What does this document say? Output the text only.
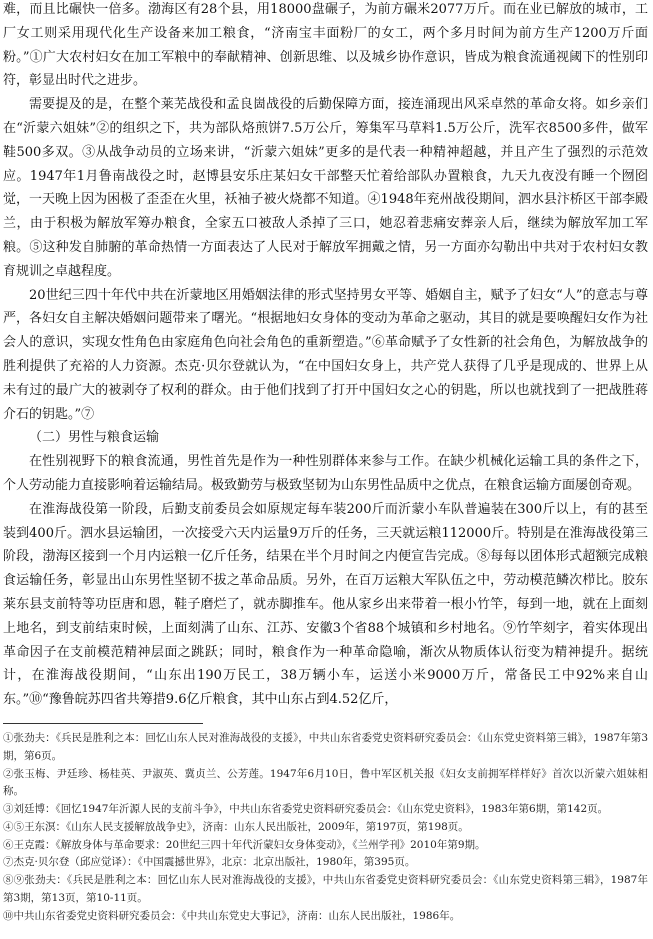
难，而且比碾快一倍多。渤海区有28个县，用18000盘碾子，为前方碾米2077万斤。而在业已解放的城市，工厂女工则采用现代化生产设备来加工粮食，“济南宝丰面粉厂的女工，两个多月时间为前方生产1200万斤面粉。”①广大农村妇女在加工军粮中的奉献精神、创新思维、以及城乡协作意识，皆成为粮食流通视阈下的性别印符，彰显出时代之进步。

需要提及的是，在整个莱芜战役和孟良崮战役的后勤保障方面，接连涌现出风采卓然的革命女将。如乡亲们在“沂蒙六姐妹”②的组织之下，共为部队烙煎饼7.5万公斤，筹集军马草料1.5万公斤，洗军衣8500多件，做军鞋500多双。③从战争动员的立场来讲，“沂蒙六姐妹”更多的是代表一种精神超越，并且产生了强烈的示范效应。1947年1月鲁南战役之时，赵博县安乐庄某妇女干部整天忙着给部队办置粮食，九天九夜没有睡一个囫囵觉，一天晚上因为困极了歪歪在火里，袄袖子被火烧都不知道。④1948年兖州战役期间，泗水县汴桥区干部李殿兰，由于积极为解放军筹办粮食，全家五口被敌人杀掉了三口，她忍着悲痛安葬亲人后，继续为解放军加工军粮。⑤这种发自肺腑的革命热情一方面表达了人民对于解放军拥戴之情，另一方面亦勾勒出中共对于农村妇女教育规训之卓越程度。

20世纪三四十年代中共在沂蒙地区用婚姻法律的形式坚持男女平等、婚姻自主，赋予了妇女“人”的意志与尊严，各妇女自主解决婚姻问题带来了曙光。“根据地妇女身体的变动为革命之驱动，其目的就是要唤醒妇女作为社会人的意识，实现女性角色由家庭角色向社会角色的重新塑造。”⑥革命赋予了女性新的社会角色，为解放战争的胜利提供了充裕的人力资源。杰克·贝尔登就认为，“在中国妇女身上，共产党人获得了几乎是现成的、世界上从未有过的最广大的被剥夺了权利的群众。由于他们找到了打开中国妇女之心的钥匙，所以也就找到了一把战胜蒋介石的钥匙。”⑦

（二）男性与粮食运输

在性别视野下的粮食流通，男性首先是作为一种性别群体来参与工作。在缺少机械化运输工具的条件之下，个人劳动能力直接影响着运输结局。极致勤劳与极致坚韧为山东男性品质中之优点，在粮食运输方面屡创奇观。

在淮海战役第一阶段，后勤支前委员会如原规定每车装200斤而沂蒙小车队普遍装在300斤以上，有的甚至装到400斤。泗水县运输团，一次接受六天内运量9万斤的任务，三天就运粮112000斤。特别是在淮海战役第三阶段，渤海区接到一个月内运粮一亿斤任务，结果在半个月时间之内便宣告完成。⑧每每以团体形式超额完成粮食运输任务，彰显出山东男性坚韧不拔之革命品质。另外，在百万运粮大军队伍之中，劳动模范鳞次栉比。胶东莱东县支前特等功臣唐和恩，鞋子磨烂了，就赤脚推车。他从家乡出来带着一根小竹竿，每到一地，就在上面刻上地名，到支前结束时候，上面刻满了山东、江苏、安徽3个省88个城镇和乡村地名。⑨竹竿刻字，着实体现出革命因子在支前模范精神层面之跳跃；同时，粮食作为一种革命隐喻，渐次从物质体认衍变为精神提升。据统计，在淮海战役期间，“山东出190万民工，38万辆小车，运送小米9000万斤，常备民工中92%来自山东。”⑩“豫鲁皖苏四省共筹措9.6亿斤粮食，其中山东占到4.52亿斤，

①张劲夫：《兵民是胜利之本：回忆山东人民对淮海战役的支援》，中共山东省委党史资料研究委员会：《山东党史资料第三辑》，1987年第3期，第6页。

②张玉梅、尹廷珍、杨桂英、尹淑英、冀贞兰、公芳莲。1947年6月10日，鲁中军区机关报《妇女支前拥军样样好》首次以沂蒙六姐妹相称。

③刘廷博：《回忆1947年沂源人民的支前斗争》，中共山东省委党史资料研究委员会：《山东党史资料》，1983年第6期，第142页。

④⑤王东溟：《山东人民支援解放战争史》，济南：山东人民出版社，2009年，第197页，第198页。

⑥王克霞：《解放身体与革命要求：20世纪三四十年代沂蒙妇女身体变动》，《兰州学刊》2010年第9期。

⑦杰克·贝尔登（邱应觉译）：《中国震撼世界》，北京：北京出版社，1980年，第395页。

⑧⑨张劲夫：《兵民是胜利之本：回忆山东人民对淮海战役的支援》，中共山东省委党史资料研究委员会：《山东党史资料第三辑》，1987年第3期，第13页，第10-11页。

⑩中共山东省委党史资料研究委员会：《中共山东党史大事记》，济南：山东人民出版社，1986年。
